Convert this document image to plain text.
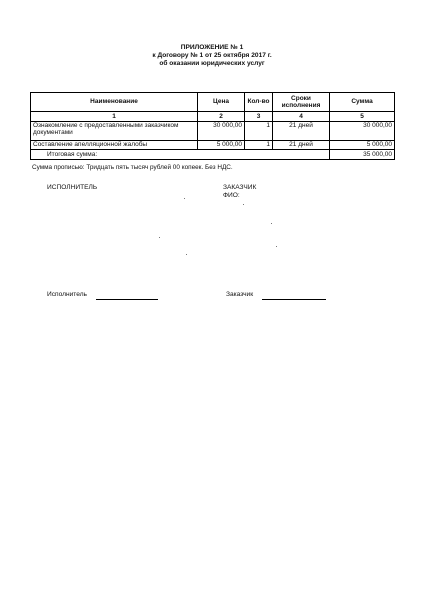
ПРИЛОЖЕНИЕ № 1
к Договору № 1 от 25 октября 2017 г.
об оказании юридических услуг
Наименование	Цена	Кол-во	Сроки исполнения	Сумма
1	2	3	4	5
Ознакомление с предоставленными заказчиком документами	30 000,00	1	21 дней	30 000,00
Составление апелляционной жалобы	5 000,00	1	21 дней	5 000,00
Итоговая сумма:				35 000,00
Сумма прописью: Тридцать пять тысяч рублей 00 копеек. Без НДС.
ИСПОЛНИТЕЛЬ	ЗАКАЗЧИК
ФИО:
Исполнитель	Заказчик
